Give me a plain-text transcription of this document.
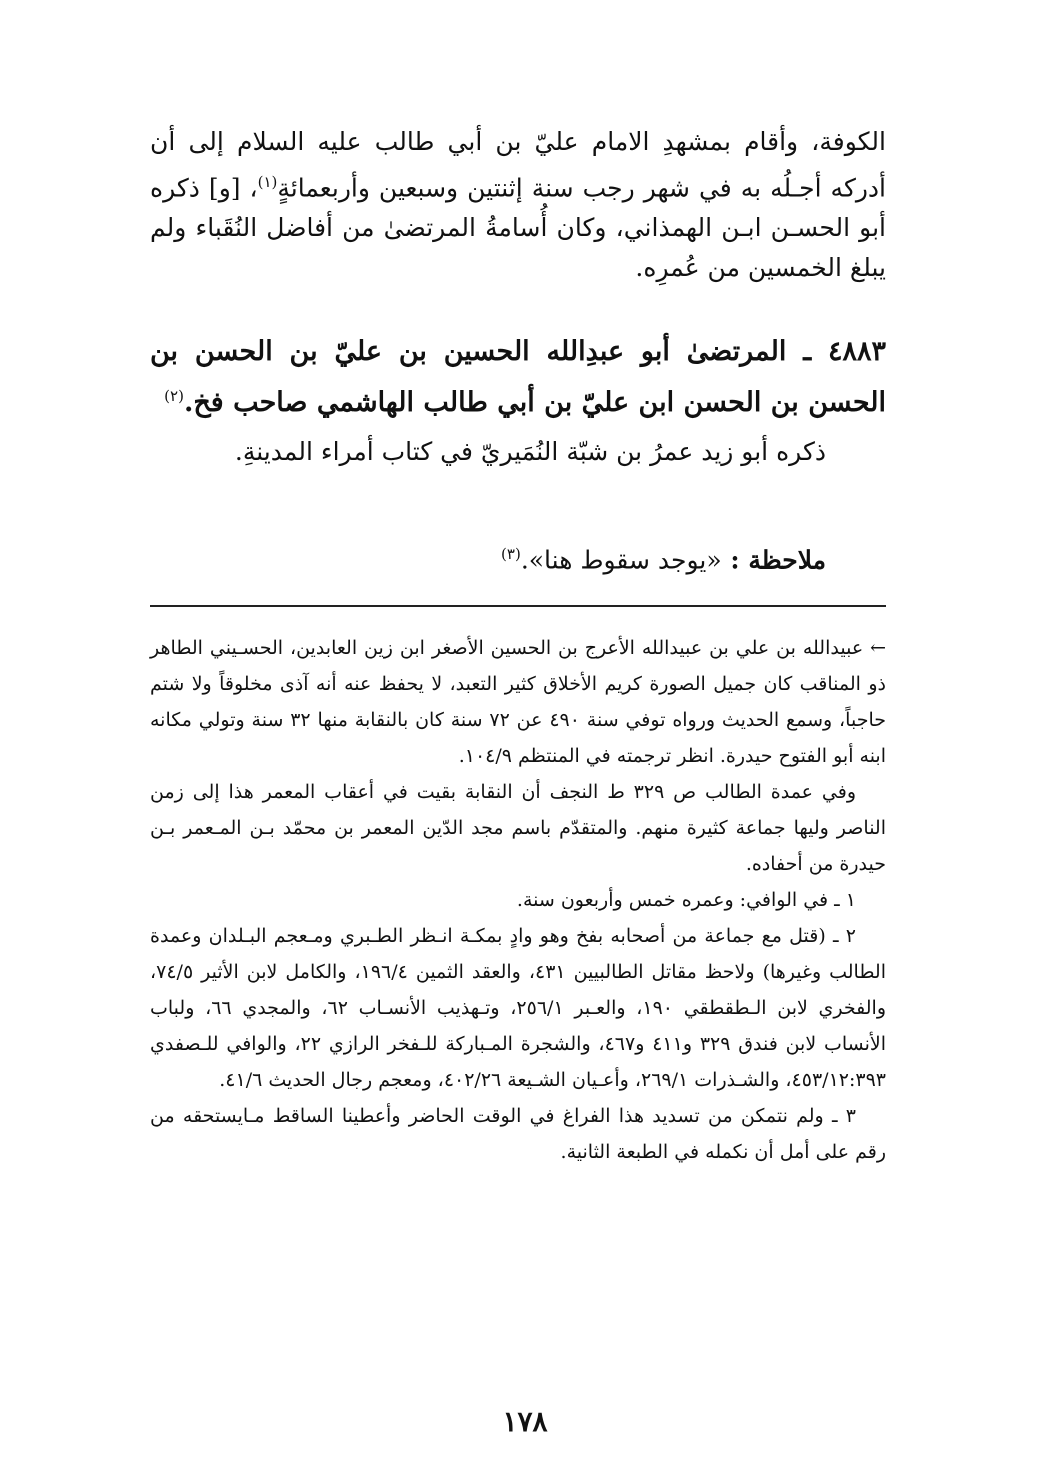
الكوفة، وأقام بمشهدِ الامام عليّ بن أبي طالب عليه السلام إلى أن أدركه أجـلُه به في شهر رجب سنة إثنتين وسبعين وأربعمائةٍ$^{(١)}$، [و] ذكره أبو الحسـن ابـن الهمذاني، وكان أُسامةُ المرتضىٰ من أفاضل النُقَباء ولم يبلغ الخمسين من عُمرِه.
٤٨٨٣ ـ المرتضىٰ أبو عبدِالله الحسين بن عليّ بن الحسن بن الحسن بن الحسن ابن عليّ بن أبي طالب الهاشمي صاحب فخ.$^{(٢)}$
ذكره أبو زيد عمرُ بن شبّة النُمَيريّ في كتاب أمراء المدينةِ.
ملاحظة : «يوجد سقوط هنا».$^{(٣)}$

← عبيدالله بن علي بن عبيدالله الأعرج بن الحسين الأصغر ابن زين العابدين، الحسـيني الطاهر ذو المناقب كان جميل الصورة كريم الأخلاق كثير التعبد، لا يحفظ عنه أنه آذى مخلوقاً ولا شتم حاجباً، وسمع الحديث ورواه توفي سنة ٤٩٠ عن ٧٢ سنة كان بالنقابة منها ٣٢ سنة وتولي مكانه ابنه أبو الفتوح حيدرة. انظر ترجمته في المنتظم ١٠٤/٩.

وفي عمدة الطالب ص ٣٢٩ ط النجف أن النقابة بقيت في أعقاب المعمر هذا إلى زمن الناصر وليها جماعة كثيرة منهم. والمتقدّم باسم مجد الدّين المعمر بن محمّد بـن المـعمر بـن حيدرة من أحفاده.

١ ـ في الوافي: وعمره خمس وأربعون سنة.

٢ ـ (قتل مع جماعة من أصحابه بفخ وهو وادٍ بمكـة انـظر الطـبري ومـعجم البـلدان وعمدة الطالب وغيرها) ولاحظ مقاتل الطالبيين ٤٣١، والعقد الثمين ١٩٦/٤، والكامل لابن الأثير ٧٤/٥، والفخري لابن الـطقطقي ١٩٠، والعـبر ٢٥٦/١، وتـهذيب الأنسـاب ٦٢، والمجدي ٦٦، ولباب الأنساب لابن فندق ٣٢٩ و٤١١ و٤٦٧، والشجرة المـباركة للـفخر الرازي ٢٢، والوافي للـصفدي ٤٥٣/١٢:٣٩٣، والشـذرات ٢٦٩/١، وأعـيان الشـيعة ٤٠٢/٢٦، ومعجم رجال الحديث ٤١/٦.

٣ ـ ولم نتمكن من تسديد هذا الفراغ في الوقت الحاضر وأعطينا الساقط مـايستحقه من رقم على أمل أن نكمله في الطبعة الثانية.

١٧٨
